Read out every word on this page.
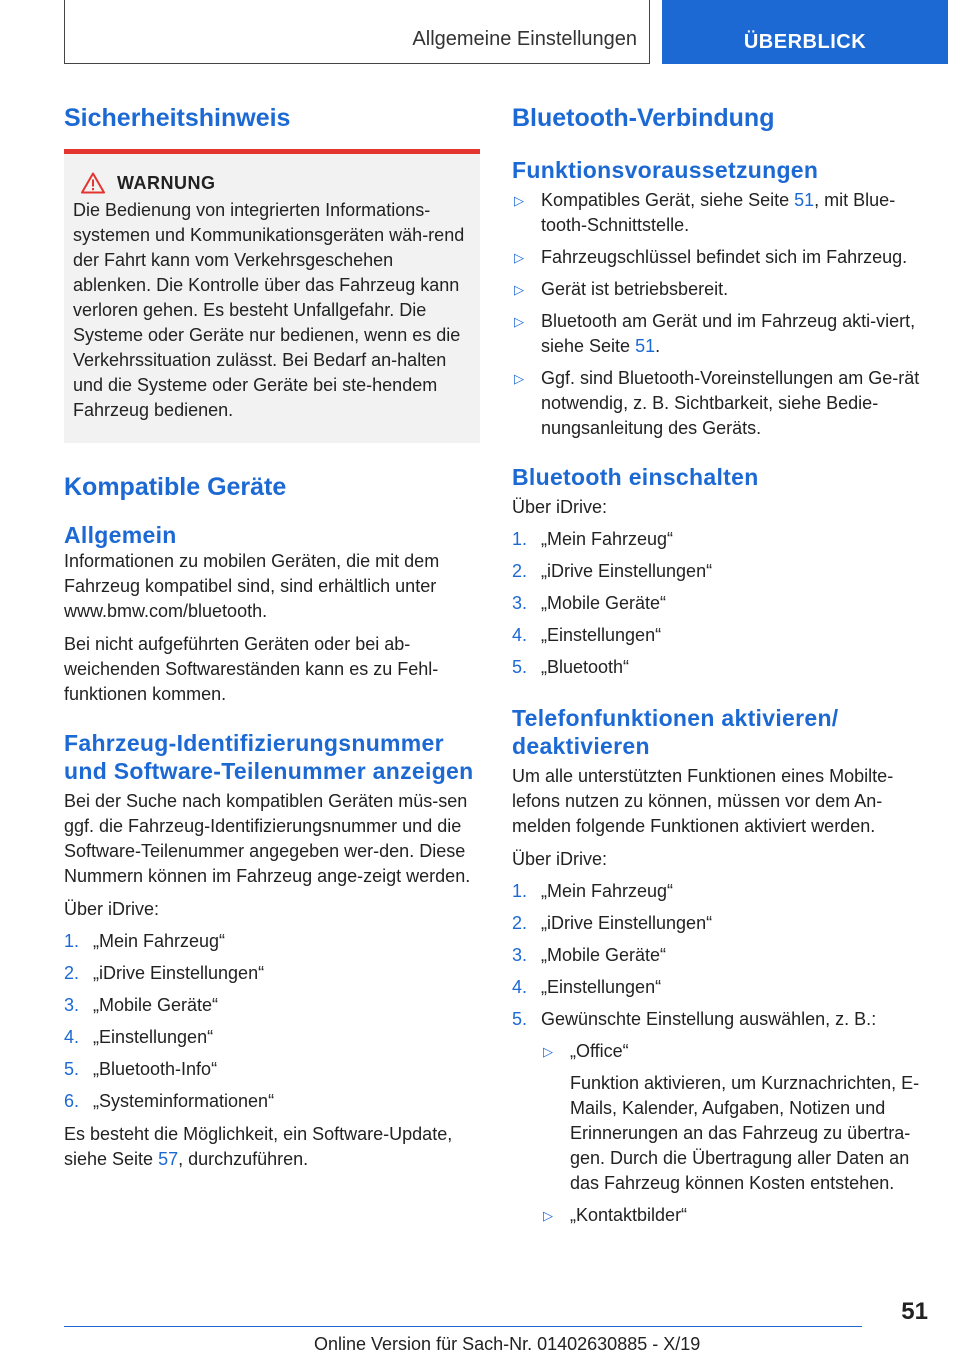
Allgemeine Einstellungen	ÜBERBLICK
Sicherheitshinweis
WARNUNG

Die Bedienung von integrierten Informations-systemen und Kommunikationsgeräten wäh-rend der Fahrt kann vom Verkehrsgeschehen ablenken. Die Kontrolle über das Fahrzeug kann verloren gehen. Es besteht Unfallgefahr. Die Systeme oder Geräte nur bedienen, wenn es die Verkehrssituation zulässt. Bei Bedarf an-halten und die Systeme oder Geräte bei ste-hendem Fahrzeug bedienen.

Kompatible Geräte
Allgemein

Informationen zu mobilen Geräten, die mit dem Fahrzeug kompatibel sind, sind erhältlich unter www.bmw.com/bluetooth.

Bei nicht aufgeführten Geräten oder bei ab-weichenden Softwareständen kann es zu Fehl-funktionen kommen.

Fahrzeug-Identifizierungsnummer und Software-Teilenummer anzeigen

Bei der Suche nach kompatiblen Geräten müs-sen ggf. die Fahrzeug-Identifizierungsnummer und die Software-Teilenummer angegeben wer-den. Diese Nummern können im Fahrzeug ange-zeigt werden.

Über iDrive:

1. „Mein Fahrzeug“
2. „iDrive Einstellungen“
3. „Mobile Geräte“
4. „Einstellungen“
5. „Bluetooth-Info“
6. „Systeminformationen“

Es besteht die Möglichkeit, ein Software-Update, siehe Seite 57, durchzuführen.

Bluetooth-Verbindung
Funktionsvoraussetzungen
▷ Kompatibles Gerät, siehe Seite 51, mit Blue-tooth-Schnittstelle.
▷ Fahrzeugschlüssel befindet sich im Fahrzeug.
▷ Gerät ist betriebsbereit.
▷ Bluetooth am Gerät und im Fahrzeug akti-viert, siehe Seite 51.
▷ Ggf. sind Bluetooth-Voreinstellungen am Ge-rät notwendig, z. B. Sichtbarkeit, siehe Bedie-nungsanleitung des Geräts.
Bluetooth einschalten

Über iDrive:

1. „Mein Fahrzeug“
2. „iDrive Einstellungen“
3. „Mobile Geräte“
4. „Einstellungen“
5. „Bluetooth“
Telefonfunktionen aktivieren/ deaktivieren

Um alle unterstützten Funktionen eines Mobilte-lefons nutzen zu können, müssen vor dem An-melden folgende Funktionen aktiviert werden.

Über iDrive:

1. „Mein Fahrzeug“
2. „iDrive Einstellungen“
3. „Mobile Geräte“
4. „Einstellungen“
5. Gewünschte Einstellung auswählen, z. B.:
▷ „Office“
Funktion aktivieren, um Kurznachrichten, E-Mails, Kalender, Aufgaben, Notizen und Erinnerungen an das Fahrzeug zu übertra-gen. Durch die Übertragung aller Daten an das Fahrzeug können Kosten entstehen.
▷ „Kontaktbilder“
51
Online Version für Sach-Nr. 01402630885 - X/19
